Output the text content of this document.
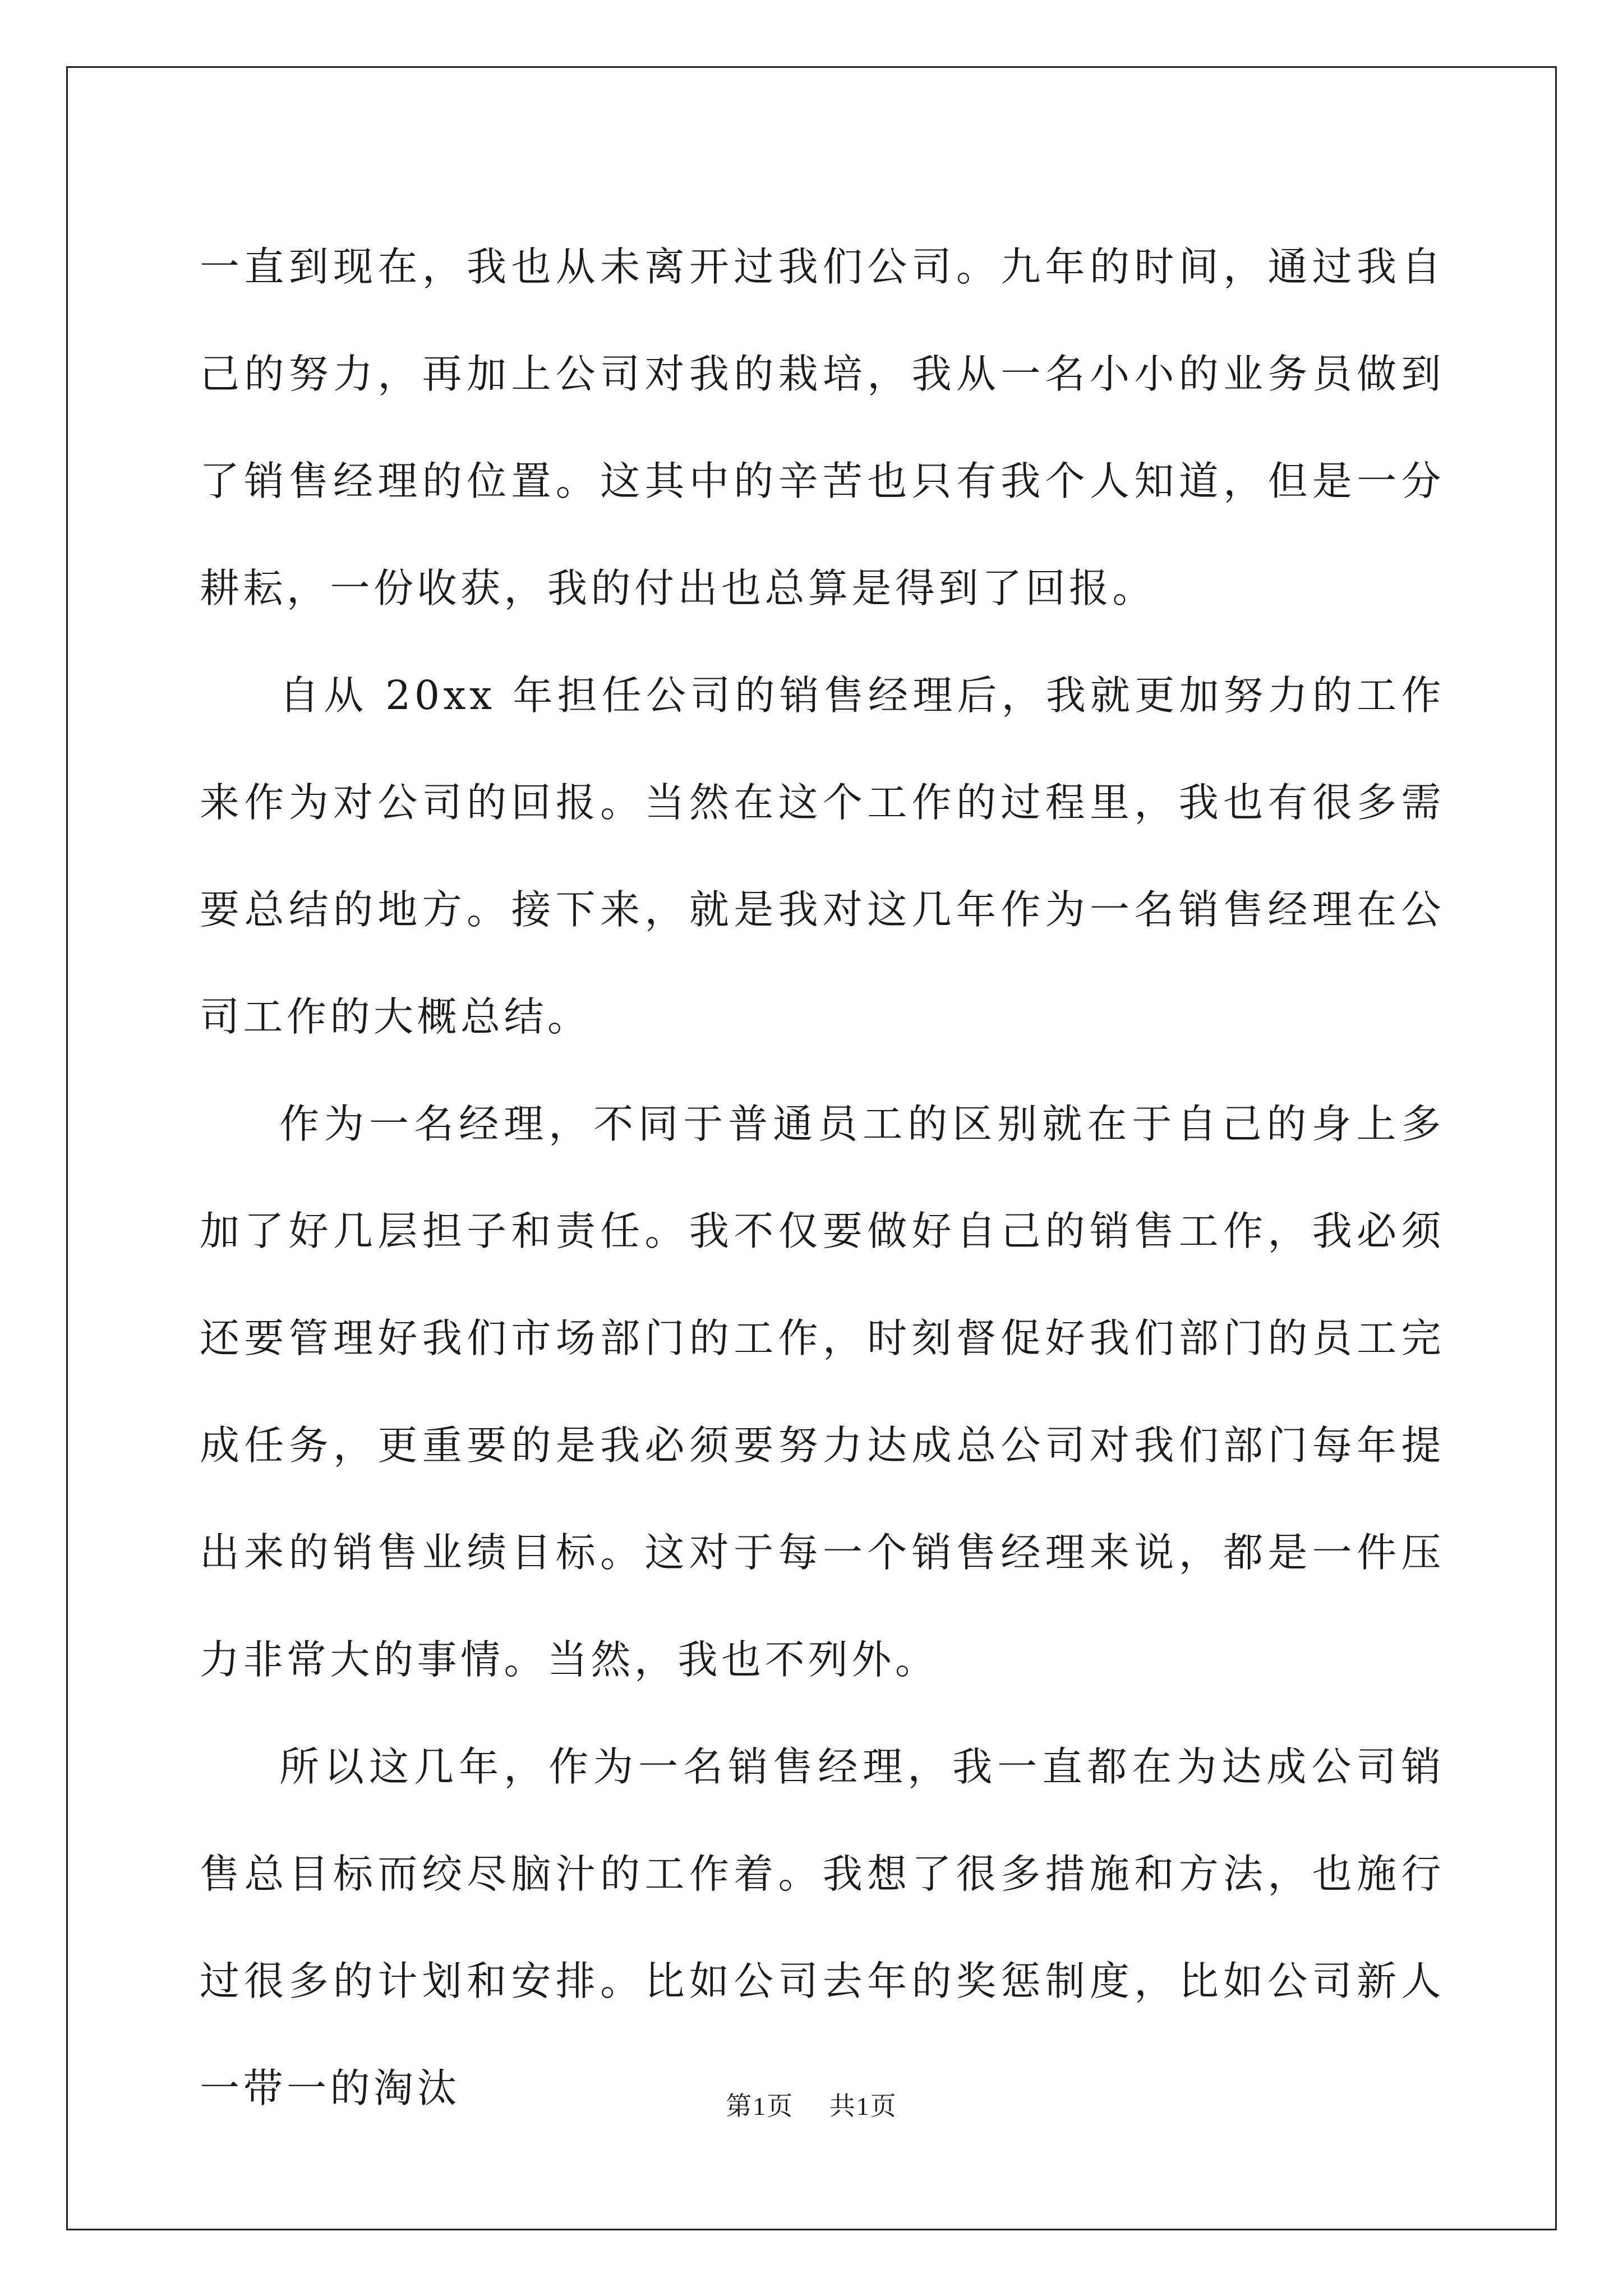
一直到现在，我也从未离开过我们公司。九年的时间，通过我自己的努力，再加上公司对我的栽培，我从一名小小的业务员做到了销售经理的位置。这其中的辛苦也只有我个人知道，但是一分耕耘，一份收获，我的付出也总算是得到了回报。

自从 20xx 年担任公司的销售经理后，我就更加努力的工作来作为对公司的回报。当然在这个工作的过程里，我也有很多需要总结的地方。接下来，就是我对这几年作为一名销售经理在公司工作的大概总结。

作为一名经理，不同于普通员工的区别就在于自己的身上多加了好几层担子和责任。我不仅要做好自己的销售工作，我必须还要管理好我们市场部门的工作，时刻督促好我们部门的员工完成任务，更重要的是我必须要努力达成总公司对我们部门每年提出来的销售业绩目标。这对于每一个销售经理来说，都是一件压力非常大的事情。当然，我也不列外。

所以这几年，作为一名销售经理，我一直都在为达成公司销售总目标而绞尽脑汁的工作着。我想了很多措施和方法，也施行过很多的计划和安排。比如公司去年的奖惩制度，比如公司新人一带一的淘汰	第1页 共1页
